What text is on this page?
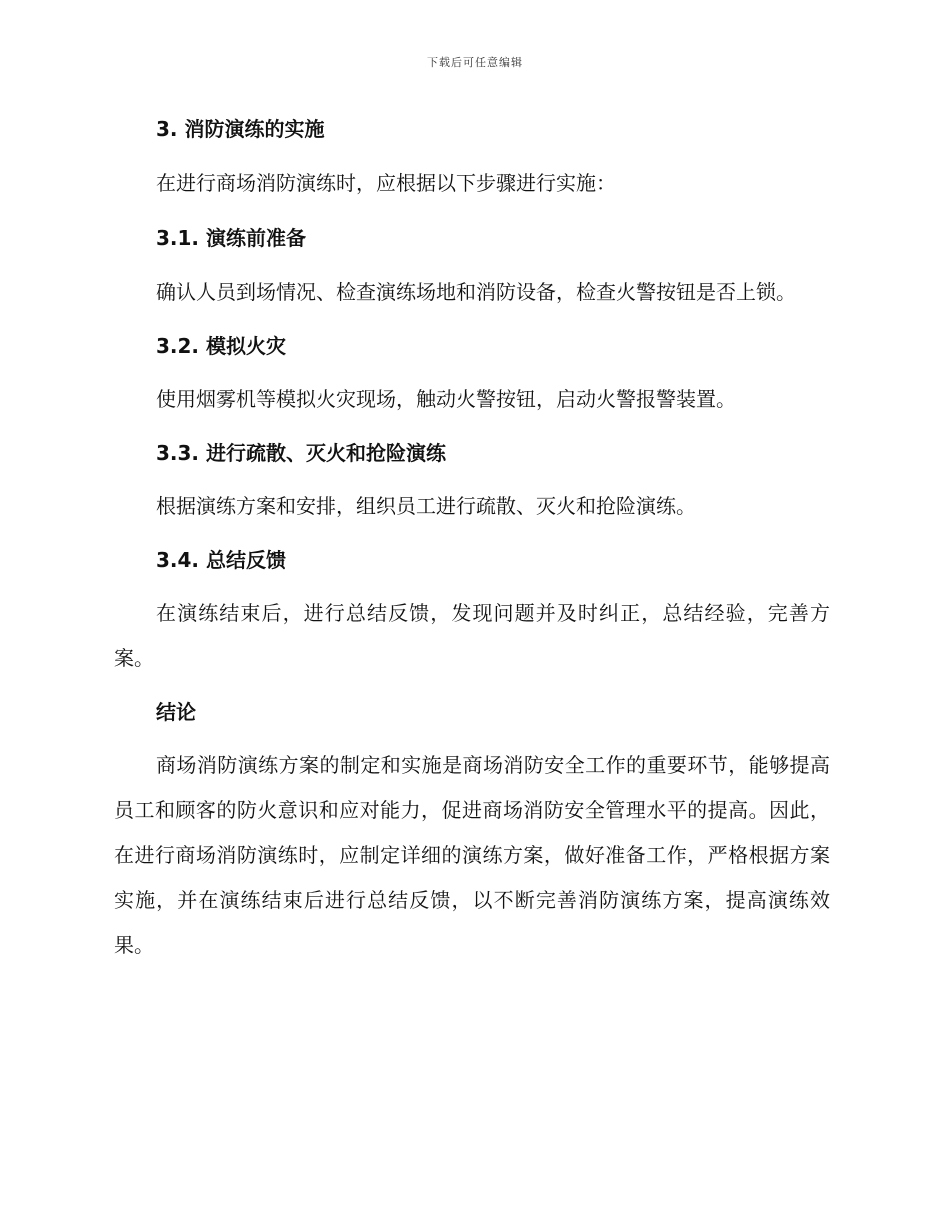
下载后可任意编辑

3. 消防演练的实施

在进行商场消防演练时，应根据以下步骤进行实施：

3.1. 演练前准备

确认人员到场情况、检查演练场地和消防设备，检查火警按钮是否上锁。

3.2. 模拟火灾

使用烟雾机等模拟火灾现场，触动火警按钮，启动火警报警装置。

3.3. 进行疏散、灭火和抢险演练

根据演练方案和安排，组织员工进行疏散、灭火和抢险演练。

3.4. 总结反馈

在演练结束后，进行总结反馈，发现问题并及时纠正，总结经验，完善方案。

结论

商场消防演练方案的制定和实施是商场消防安全工作的重要环节，能够提高员工和顾客的防火意识和应对能力，促进商场消防安全管理水平的提高。因此，在进行商场消防演练时，应制定详细的演练方案，做好准备工作，严格根据方案实施，并在演练结束后进行总结反馈，以不断完善消防演练方案，提高演练效果。
